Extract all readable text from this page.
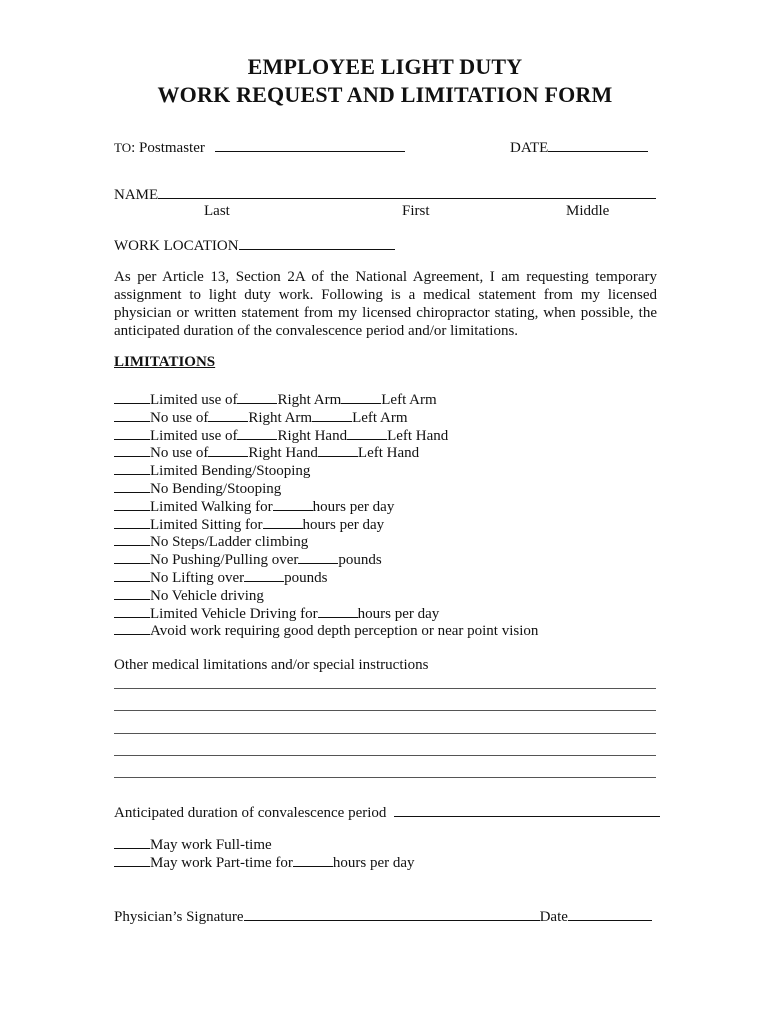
EMPLOYEE LIGHT DUTY
WORK REQUEST AND LIMITATION FORM
TO: Postmaster	DATE
NAME
Last	First	Middle
WORK LOCATION
As per Article 13, Section 2A of the National Agreement, I am requesting temporary assignment to light duty work. Following is a medical statement from my licensed physician or written statement from my licensed chiropractor stating, when possible, the anticipated duration of the convalescence period and/or limitations.
LIMITATIONS
Limited use of	Right Arm	Left Arm
No use of	Right Arm	Left Arm
Limited use of	Right Hand	Left Hand
No use of	Right Hand	Left Hand
Limited Bending/Stooping
No Bending/Stooping
Limited Walking for	hours per day
Limited Sitting for	hours per day
No Steps/Ladder climbing
No Pushing/Pulling over	pounds
No Lifting over	pounds
No Vehicle driving
Limited Vehicle Driving for	hours per day
Avoid work requiring good depth perception or near point vision
Other medical limitations and/or special instructions
Anticipated duration of convalescence period
May work Full-time
May work Part-time for	hours per day
Physician’s Signature	Date
